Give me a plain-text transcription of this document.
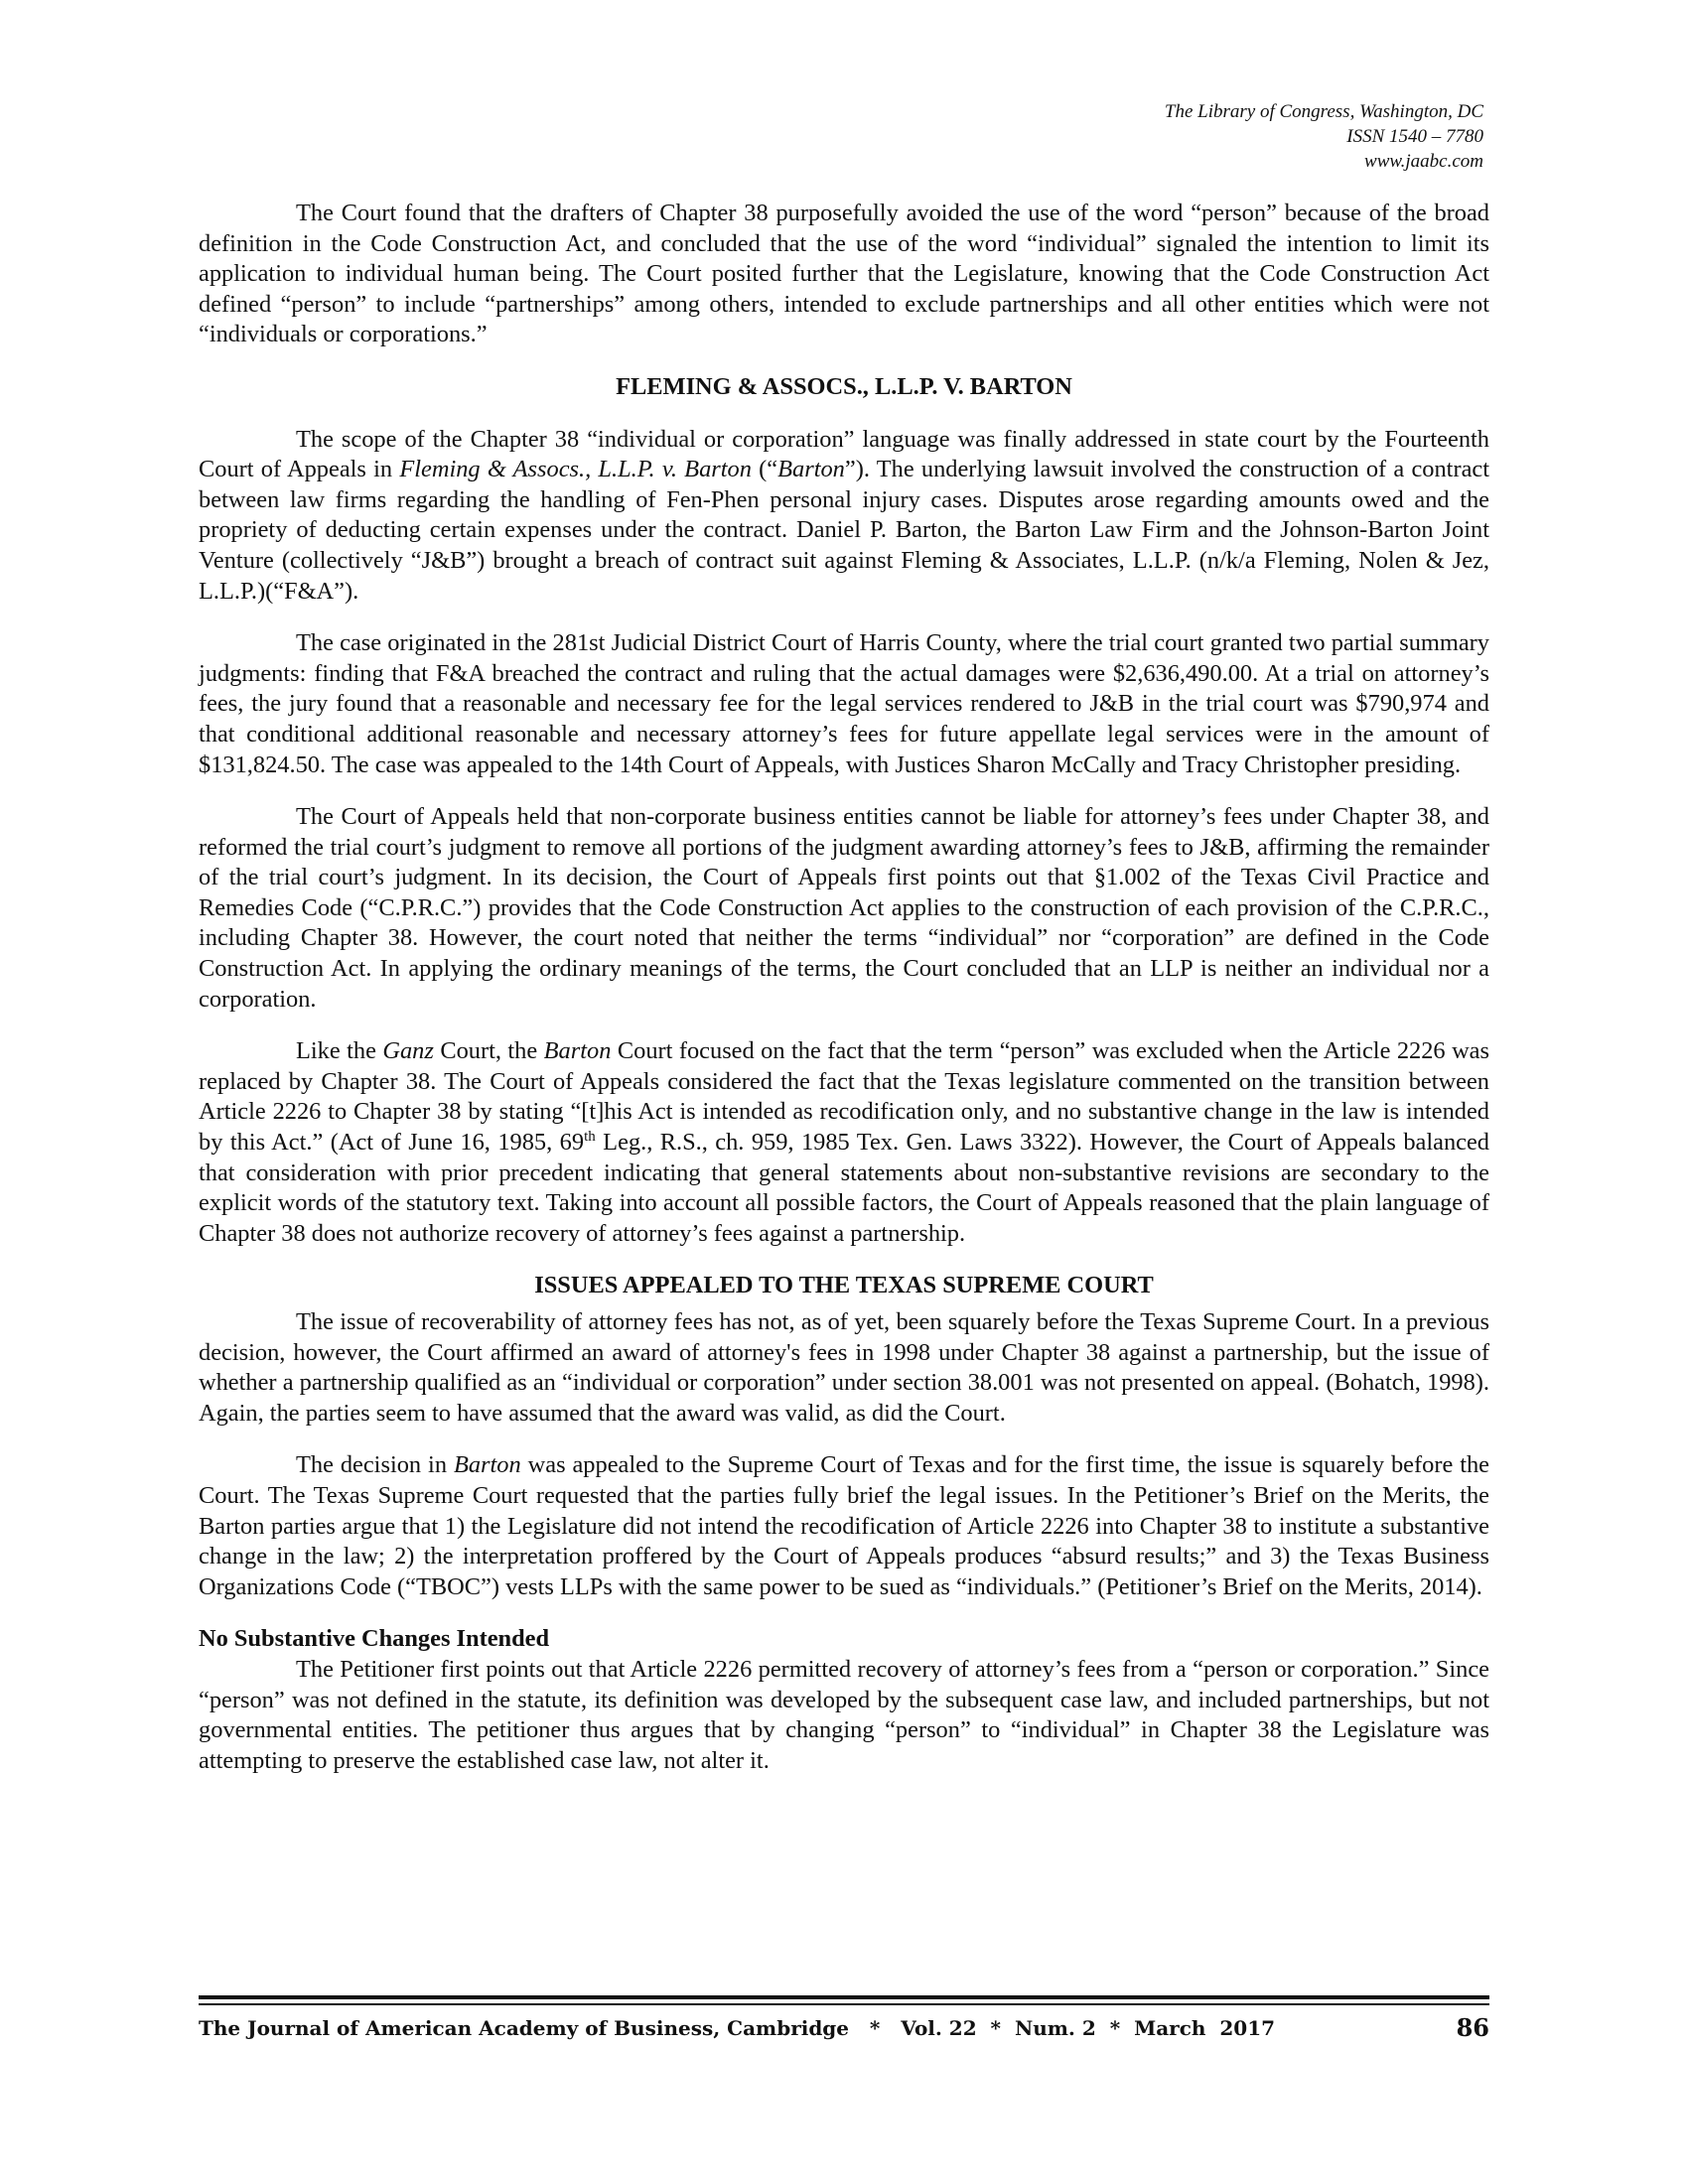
The Library of Congress, Washington, DC
ISSN 1540 – 7780
www.jaabc.com

The Court found that the drafters of Chapter 38 purposefully avoided the use of the word “person” because of the broad definition in the Code Construction Act, and concluded that the use of the word “individual” signaled the intention to limit its application to individual human being. The Court posited further that the Legislature, knowing that the Code Construction Act defined “person” to include “partnerships” among others, intended to exclude partnerships and all other entities which were not “individuals or corporations.”

FLEMING & ASSOCS., L.L.P. V. BARTON

The scope of the Chapter 38 “individual or corporation” language was finally addressed in state court by the Fourteenth Court of Appeals in Fleming & Assocs., L.L.P. v. Barton (“Barton”). The underlying lawsuit involved the construction of a contract between law firms regarding the handling of Fen-Phen personal injury cases. Disputes arose regarding amounts owed and the propriety of deducting certain expenses under the contract. Daniel P. Barton, the Barton Law Firm and the Johnson-Barton Joint Venture (collectively “J&B”) brought a breach of contract suit against Fleming & Associates, L.L.P. (n/k/a Fleming, Nolen & Jez, L.L.P.)(“F&A”).

The case originated in the 281st Judicial District Court of Harris County, where the trial court granted two partial summary judgments: finding that F&A breached the contract and ruling that the actual damages were $2,636,490.00. At a trial on attorney’s fees, the jury found that a reasonable and necessary fee for the legal services rendered to J&B in the trial court was $790,974 and that conditional additional reasonable and necessary attorney’s fees for future appellate legal services were in the amount of $131,824.50. The case was appealed to the 14th Court of Appeals, with Justices Sharon McCally and Tracy Christopher presiding.

The Court of Appeals held that non-corporate business entities cannot be liable for attorney’s fees under Chapter 38, and reformed the trial court’s judgment to remove all portions of the judgment awarding attorney’s fees to J&B, affirming the remainder of the trial court’s judgment. In its decision, the Court of Appeals first points out that §1.002 of the Texas Civil Practice and Remedies Code (“C.P.R.C.”) provides that the Code Construction Act applies to the construction of each provision of the C.P.R.C., including Chapter 38. However, the court noted that neither the terms “individual” nor “corporation” are defined in the Code Construction Act. In applying the ordinary meanings of the terms, the Court concluded that an LLP is neither an individual nor a corporation.

Like the Ganz Court, the Barton Court focused on the fact that the term “person” was excluded when the Article 2226 was replaced by Chapter 38. The Court of Appeals considered the fact that the Texas legislature commented on the transition between Article 2226 to Chapter 38 by stating “[t]his Act is intended as recodification only, and no substantive change in the law is intended by this Act.” (Act of June 16, 1985, 69th Leg., R.S., ch. 959, 1985 Tex. Gen. Laws 3322). However, the Court of Appeals balanced that consideration with prior precedent indicating that general statements about non-substantive revisions are secondary to the explicit words of the statutory text. Taking into account all possible factors, the Court of Appeals reasoned that the plain language of Chapter 38 does not authorize recovery of attorney’s fees against a partnership.

ISSUES APPEALED TO THE TEXAS SUPREME COURT

The issue of recoverability of attorney fees has not, as of yet, been squarely before the Texas Supreme Court. In a previous decision, however, the Court affirmed an award of attorney's fees in 1998 under Chapter 38 against a partnership, but the issue of whether a partnership qualified as an “individual or corporation” under section 38.001 was not presented on appeal. (Bohatch, 1998). Again, the parties seem to have assumed that the award was valid, as did the Court.

The decision in Barton was appealed to the Supreme Court of Texas and for the first time, the issue is squarely before the Court. The Texas Supreme Court requested that the parties fully brief the legal issues. In the Petitioner’s Brief on the Merits, the Barton parties argue that 1) the Legislature did not intend the recodification of Article 2226 into Chapter 38 to institute a substantive change in the law; 2) the interpretation proffered by the Court of Appeals produces “absurd results;” and 3) the Texas Business Organizations Code (“TBOC”) vests LLPs with the same power to be sued as “individuals.” (Petitioner’s Brief on the Merits, 2014).

No Substantive Changes Intended

The Petitioner first points out that Article 2226 permitted recovery of attorney’s fees from a “person or corporation.” Since “person” was not defined in the statute, its definition was developed by the subsequent case law, and included partnerships, but not governmental entities. The petitioner thus argues that by changing “person” to “individual” in Chapter 38 the Legislature was attempting to preserve the established case law, not alter it.

The Journal of American Academy of Business, Cambridge   *   Vol. 22  *  Num. 2  *  March  2017	86
